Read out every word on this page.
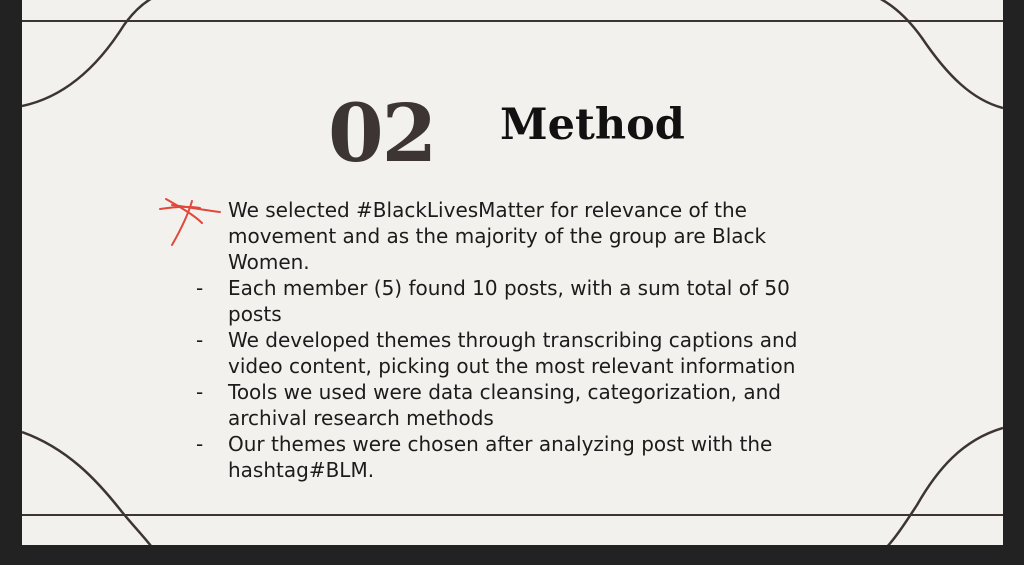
02 Method
We selected #BlackLivesMatter for relevance of the movement and as the majority of the group are Black Women.
- Each member (5) found 10 posts, with a sum total of 50 posts
- We developed themes through transcribing captions and video content, picking out the most relevant information
- Tools we used were data cleansing, categorization, and archival research methods
- Our themes were chosen after analyzing post with the hashtag#BLM.
